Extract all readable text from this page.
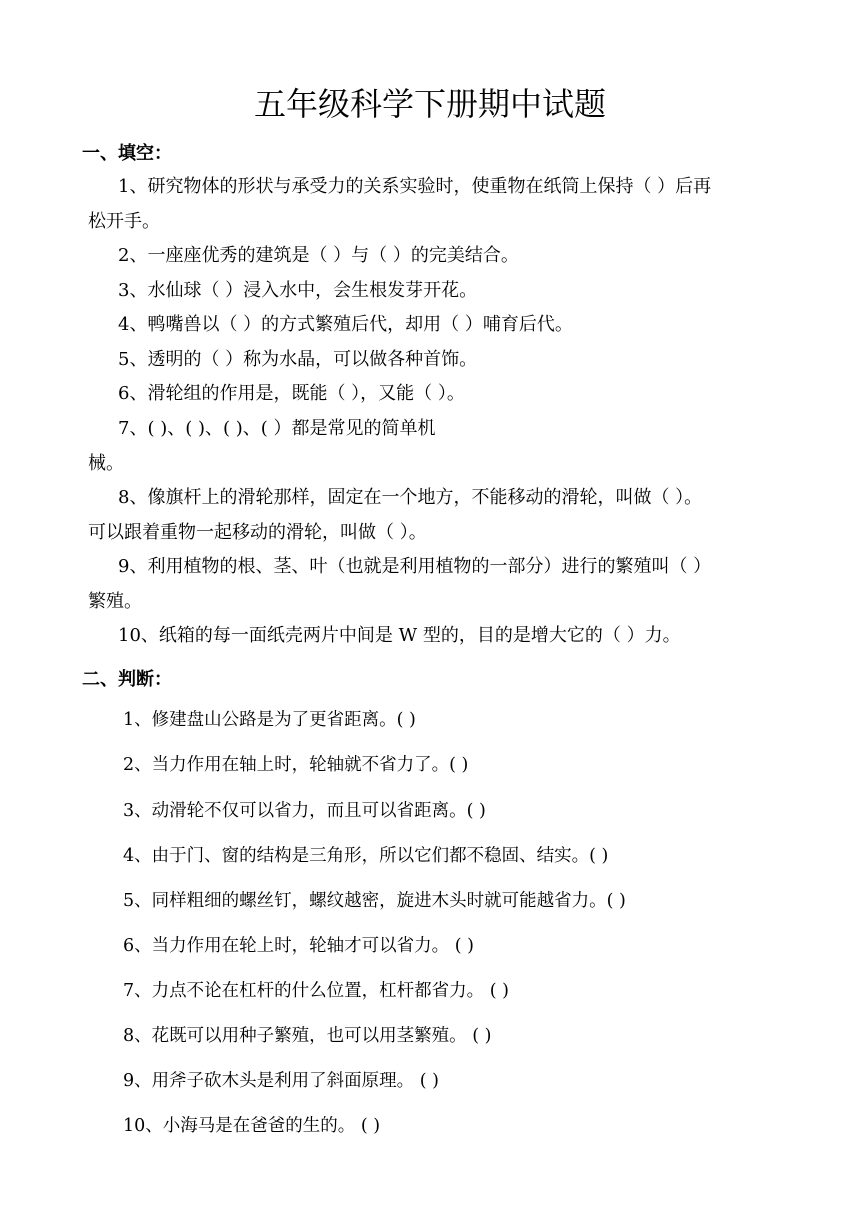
五年级科学下册期中试题
一、填空：
1、研究物体的形状与承受力的关系实验时，使重物在纸筒上保持（ ）后再
松开手。
2、一座座优秀的建筑是（ ）与（ ）的完美结合。
3、水仙球（ ）浸入水中，会生根发芽开花。
4、鸭嘴兽以（ ）的方式繁殖后代，却用（ ）哺育后代。
5、透明的（ ）称为水晶，可以做各种首饰。
6、滑轮组的作用是，既能（ ），又能（ ）。
7、( )、( )、( )、( ）都是常见的简单机
械。
8、像旗杆上的滑轮那样，固定在一个地方，不能移动的滑轮，叫做（ ）。
可以跟着重物一起移动的滑轮，叫做（ ）。
9、利用植物的根、茎、叶（也就是利用植物的一部分）进行的繁殖叫（ ）
繁殖。
10、纸箱的每一面纸壳两片中间是 W 型的，目的是增大它的（ ）力。
二、判断：
1、修建盘山公路是为了更省距离。( )
2、当力作用在轴上时，轮轴就不省力了。( )
3、动滑轮不仅可以省力，而且可以省距离。( )
4、由于门、窗的结构是三角形，所以它们都不稳固、结实。( )
5、同样粗细的螺丝钉，螺纹越密，旋进木头时就可能越省力。( )
6、当力作用在轮上时，轮轴才可以省力。 ( )
7、力点不论在杠杆的什么位置，杠杆都省力。 ( )
8、花既可以用种子繁殖，也可以用茎繁殖。 ( )
9、用斧子砍木头是利用了斜面原理。 ( )
10、小海马是在爸爸的生的。 ( )
